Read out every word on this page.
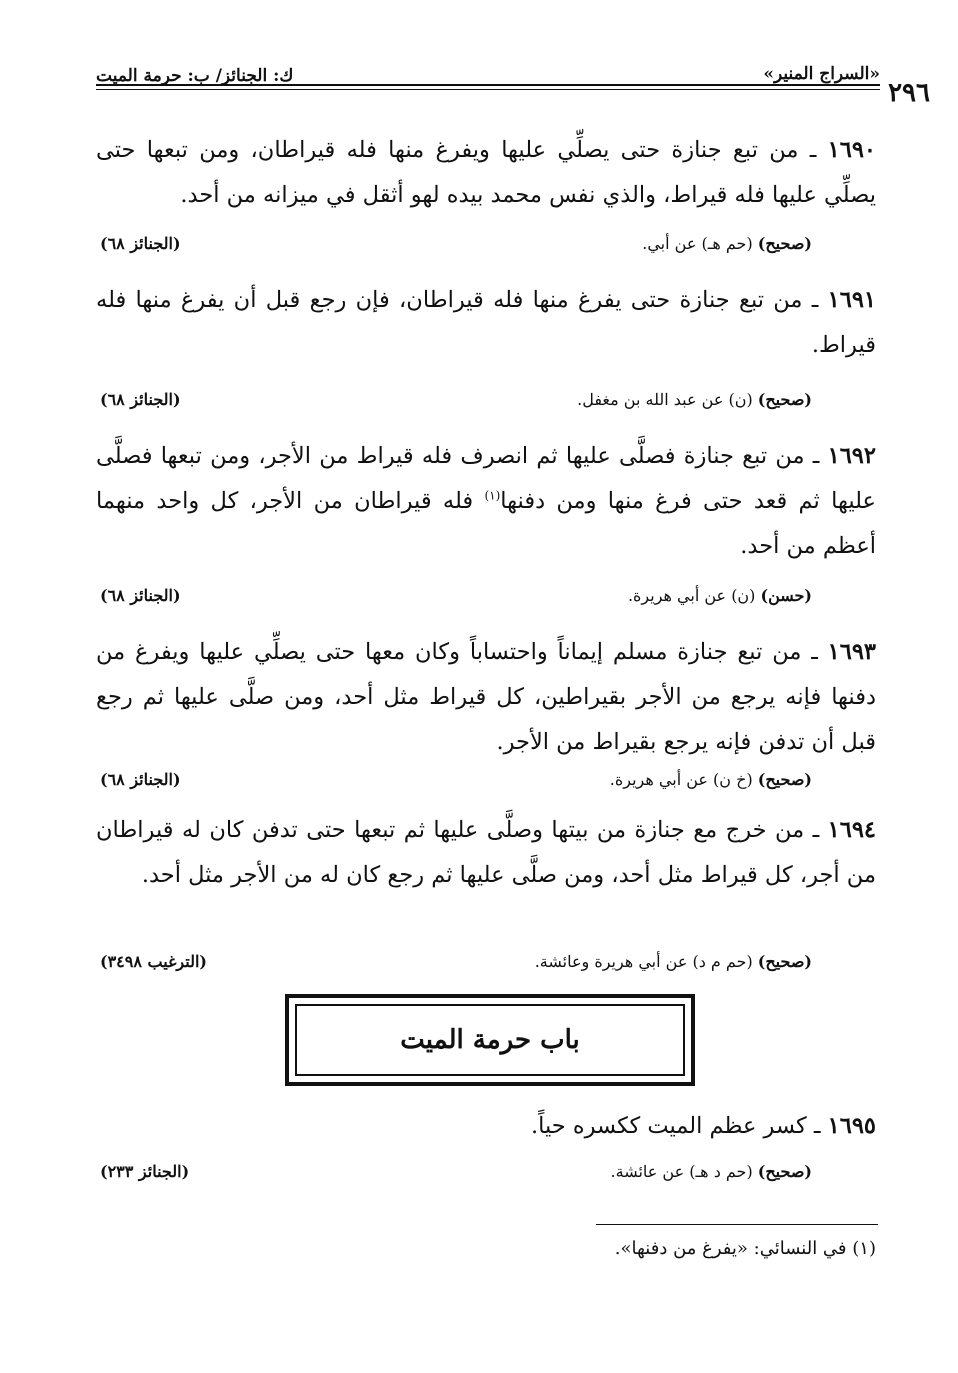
٢٩٦
«السراج المنير»
ك: الجنائز/ ب: حرمة الميت
١٦٩٠ ـ من تبع جنازة حتى يصلِّي عليها ويفرغ منها فله قيراطان، ومن تبعها حتى يصلِّي عليها فله قيراط، والذي نفس محمد بيده لهو أثقل في ميزانه من أحد.
(صحيح) (حم هـ) عن أبي.
(الجنائز ٦٨)
١٦٩١ ـ من تبع جنازة حتى يفرغ منها فله قيراطان، فإن رجع قبل أن يفرغ منها فله قيراط.
(صحيح) (ن) عن عبد الله بن مغفل.
(الجنائز ٦٨)
١٦٩٢ ـ من تبع جنازة فصلَّى عليها ثم انصرف فله قيراط من الأجر، ومن تبعها فصلَّى عليها ثم قعد حتى فرغ منها ومن دفنها$^{(١)}$ فله قيراطان من الأجر، كل واحد منهما أعظم من أحد.
(حسن) (ن) عن أبي هريرة.
(الجنائز ٦٨)
١٦٩٣ ـ من تبع جنازة مسلم إيماناً واحتساباً وكان معها حتى يصلِّي عليها ويفرغ من دفنها فإنه يرجع من الأجر بقيراطين، كل قيراط مثل أحد، ومن صلَّى عليها ثم رجع قبل أن تدفن فإنه يرجع بقيراط من الأجر.
(صحيح) (خ ن) عن أبي هريرة.
(الجنائز ٦٨)
١٦٩٤ ـ من خرج مع جنازة من بيتها وصلَّى عليها ثم تبعها حتى تدفن كان له قيراطان من أجر، كل قيراط مثل أحد، ومن صلَّى عليها ثم رجع كان له من الأجر مثل أحد.
(صحيح) (حم م د) عن أبي هريرة وعائشة.
(الترغيب ٣٤٩٨)
باب حرمة الميت
١٦٩٥ ـ كسر عظم الميت ككسره حياً.
(صحيح) (حم د هـ) عن عائشة.
(الجنائز ٢٣٣)
(١) في النسائي: «يفرغ من دفنها».
